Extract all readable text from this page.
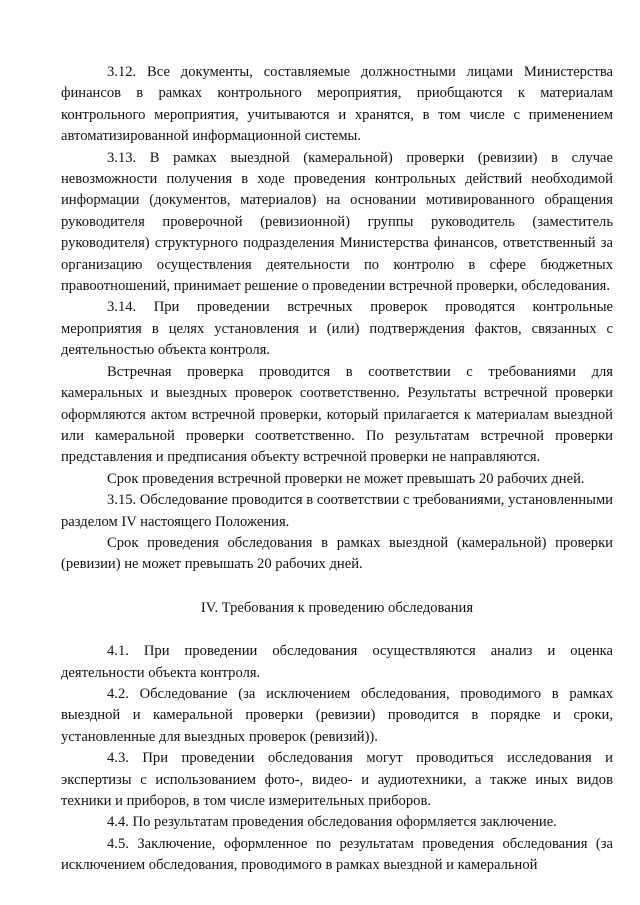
3.12. Все документы, составляемые должностными лицами Министерства финансов в рамках контрольного мероприятия, приобщаются к материалам контрольного мероприятия, учитываются и хранятся, в том числе с применением автоматизированной информационной системы.

3.13. В рамках выездной (камеральной) проверки (ревизии) в случае невозможности получения в ходе проведения контрольных действий необходимой информации (документов, материалов) на основании мотивированного обращения руководителя проверочной (ревизионной) группы руководитель (заместитель руководителя) структурного подразделения Министерства финансов, ответственный за организацию осуществления деятельности по контролю в сфере бюджетных правоотношений, принимает решение о проведении встречной проверки, обследования.

3.14. При проведении встречных проверок проводятся контрольные мероприятия в целях установления и (или) подтверждения фактов, связанных с деятельностью объекта контроля.

Встречная проверка проводится в соответствии с требованиями для камеральных и выездных проверок соответственно. Результаты встречной проверки оформляются актом встречной проверки, который прилагается к материалам выездной или камеральной проверки соответственно. По результатам встречной проверки представления и предписания объекту встречной проверки не направляются.

Срок проведения встречной проверки не может превышать 20 рабочих дней.

3.15. Обследование проводится в соответствии с требованиями, установленными разделом IV настоящего Положения.

Срок проведения обследования в рамках выездной (камеральной) проверки (ревизии) не может превышать 20 рабочих дней.

IV. Требования к проведению обследования

4.1. При проведении обследования осуществляются анализ и оценка деятельности объекта контроля.

4.2. Обследование (за исключением обследования, проводимого в рамках выездной и камеральной проверки (ревизии) проводится в порядке и сроки, установленные для выездных проверок (ревизий)).

4.3. При проведении обследования могут проводиться исследования и экспертизы с использованием фото-, видео- и аудиотехники, а также иных видов техники и приборов, в том числе измерительных приборов.

4.4. По результатам проведения обследования оформляется заключение.

4.5. Заключение, оформленное по результатам проведения обследования (за исключением обследования, проводимого в рамках выездной и камеральной
